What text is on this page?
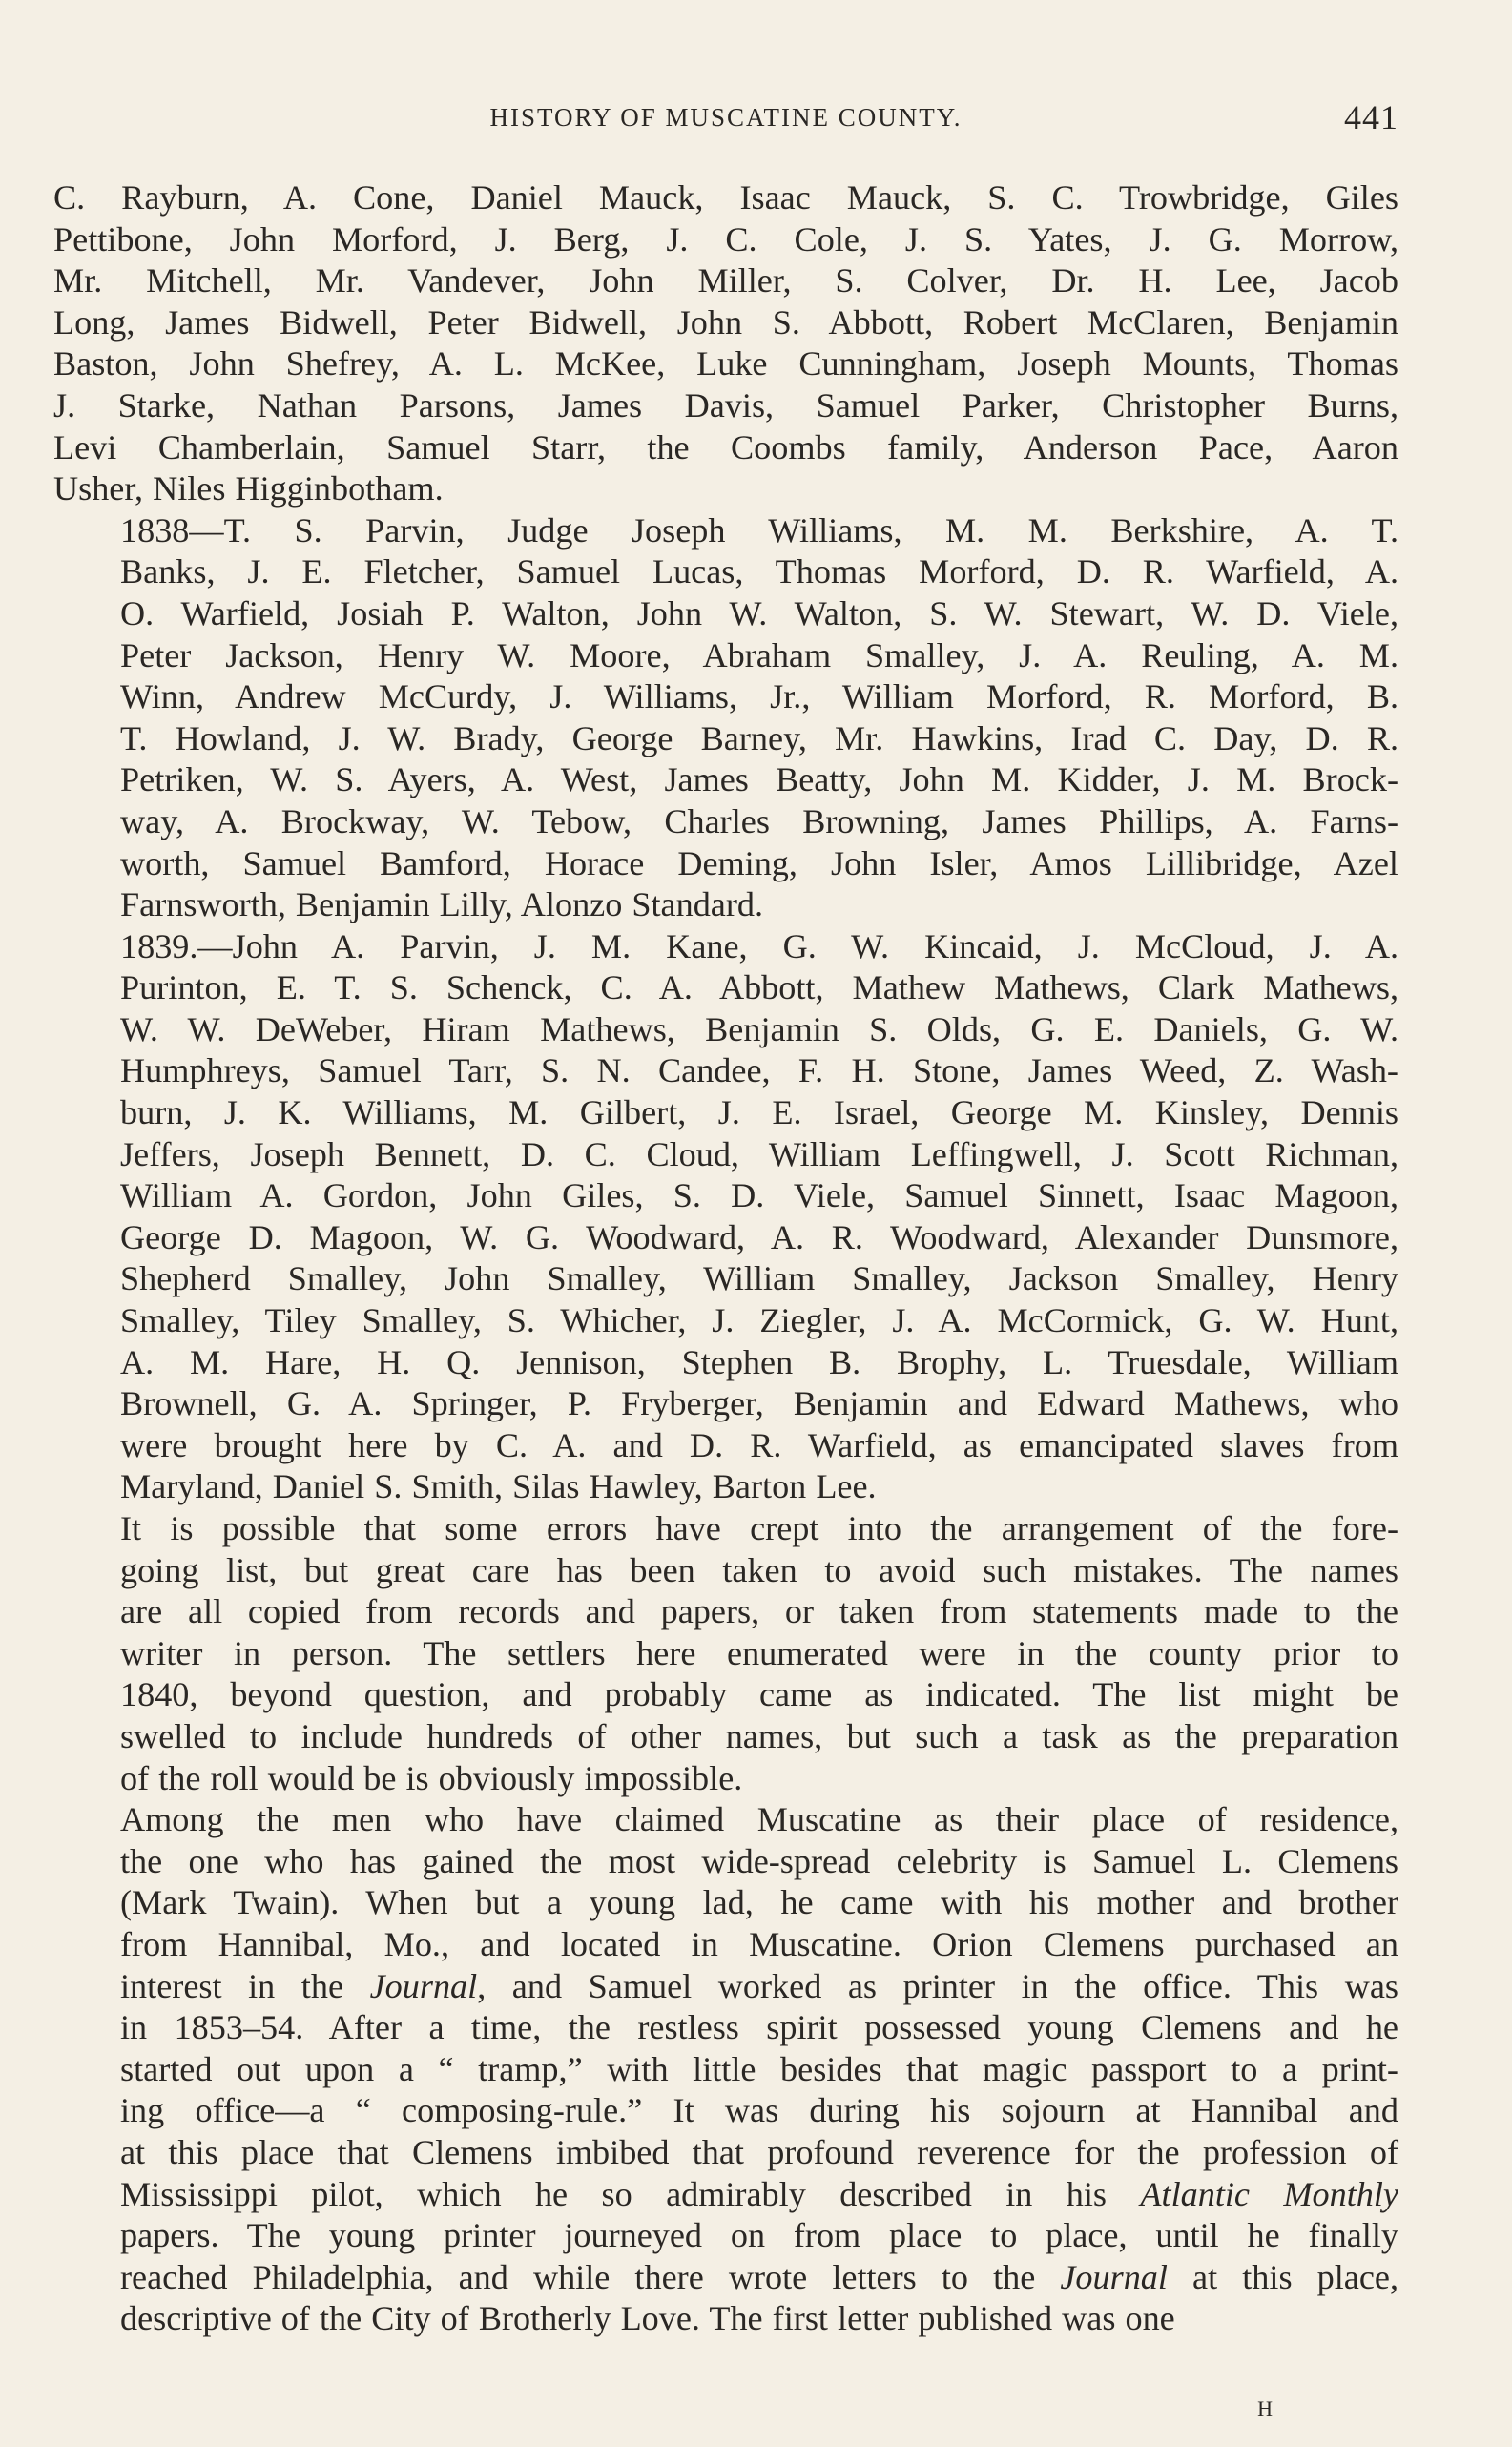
HISTORY OF MUSCATINE COUNTY.	441
C. Rayburn, A. Cone, Daniel Mauck, Isaac Mauck, S. C. Trowbridge, Giles
Pettibone, John Morford, J. Berg, J. C. Cole, J. S. Yates, J. G. Morrow,
Mr. Mitchell, Mr. Vandever, John Miller, S. Colver, Dr. H. Lee, Jacob
Long, James Bidwell, Peter Bidwell, John S. Abbott, Robert McClaren, Benjamin
Baston, John Shefrey, A. L. McKee, Luke Cunningham, Joseph Mounts, Thomas
J. Starke, Nathan Parsons, James Davis, Samuel Parker, Christopher Burns,
Levi Chamberlain, Samuel Starr, the Coombs family, Anderson Pace, Aaron
Usher, Niles Higginbotham.
1838—T. S. Parvin, Judge Joseph Williams, M. M. Berkshire, A. T.
Banks, J. E. Fletcher, Samuel Lucas, Thomas Morford, D. R. Warfield, A.
O. Warfield, Josiah P. Walton, John W. Walton, S. W. Stewart, W. D. Viele,
Peter Jackson, Henry W. Moore, Abraham Smalley, J. A. Reuling, A. M.
Winn, Andrew McCurdy, J. Williams, Jr., William Morford, R. Morford, B.
T. Howland, J. W. Brady, George Barney, Mr. Hawkins, Irad C. Day, D. R.
Petriken, W. S. Ayers, A. West, James Beatty, John M. Kidder, J. M. Brock-
way, A. Brockway, W. Tebow, Charles Browning, James Phillips, A. Farns-
worth, Samuel Bamford, Horace Deming, John Isler, Amos Lillibridge, Azel
Farnsworth, Benjamin Lilly, Alonzo Standard.
1839.—John A. Parvin, J. M. Kane, G. W. Kincaid, J. McCloud, J. A.
Purinton, E. T. S. Schenck, C. A. Abbott, Mathew Mathews, Clark Mathews,
W. W. DeWeber, Hiram Mathews, Benjamin S. Olds, G. E. Daniels, G. W.
Humphreys, Samuel Tarr, S. N. Candee, F. H. Stone, James Weed, Z. Wash-
burn, J. K. Williams, M. Gilbert, J. E. Israel, George M. Kinsley, Dennis
Jeffers, Joseph Bennett, D. C. Cloud, William Leffingwell, J. Scott Richman,
William A. Gordon, John Giles, S. D. Viele, Samuel Sinnett, Isaac Magoon,
George D. Magoon, W. G. Woodward, A. R. Woodward, Alexander Dunsmore,
Shepherd Smalley, John Smalley, William Smalley, Jackson Smalley, Henry
Smalley, Tiley Smalley, S. Whicher, J. Ziegler, J. A. McCormick, G. W. Hunt,
A. M. Hare, H. Q. Jennison, Stephen B. Brophy, L. Truesdale, William
Brownell, G. A. Springer, P. Fryberger, Benjamin and Edward Mathews, who
were brought here by C. A. and D. R. Warfield, as emancipated slaves from
Maryland, Daniel S. Smith, Silas Hawley, Barton Lee.
It is possible that some errors have crept into the arrangement of the fore-
going list, but great care has been taken to avoid such mistakes. The names
are all copied from records and papers, or taken from statements made to the
writer in person. The settlers here enumerated were in the county prior to
1840, beyond question, and probably came as indicated. The list might be
swelled to include hundreds of other names, but such a task as the preparation
of the roll would be is obviously impossible.
Among the men who have claimed Muscatine as their place of residence,
the one who has gained the most wide-spread celebrity is Samuel L. Clemens
(Mark Twain). When but a young lad, he came with his mother and brother
from Hannibal, Mo., and located in Muscatine. Orion Clemens purchased an
interest in the Journal, and Samuel worked as printer in the office. This was
in 1853–54. After a time, the restless spirit possessed young Clemens and he
started out upon a “ tramp,” with little besides that magic passport to a print-
ing office—a “ composing-rule.” It was during his sojourn at Hannibal and
at this place that Clemens imbibed that profound reverence for the profession of
Mississippi pilot, which he so admirably described in his Atlantic Monthly
papers. The young printer journeyed on from place to place, until he finally
reached Philadelphia, and while there wrote letters to the Journal at this place,
descriptive of the City of Brotherly Love. The first letter published was one
H
